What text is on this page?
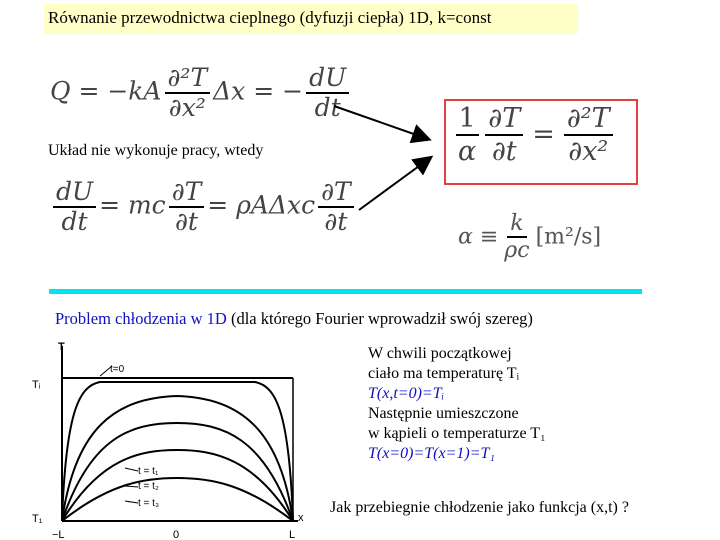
Równanie przewodnictwa cieplnego (dyfuzji ciepła) 1D, k=const
$Q = -kA \frac{\text{∂²T}}{\text{∂x²}}$ Δx = − $\frac{dU}{dt}$
Układ nie wykonuje pracy, wtedy
$\frac{dU}{dt}$ = mc $\frac{\partial T}{\partial t} = \rho A\Delta xc \frac{\partial T}{\partial t}$
$\frac{1}{\alpha} \frac{\partial T}{\partial t} = \frac{\text{∂²T}}{\text{∂x²}}$
$\alpha \equiv \frac{k}{\rho c} [m^2/s]$
Problem chłodzenia w 1D (dla którego Fourier wprowadził swój szereg)
T
x
Tᵢ
T₁
t=0
t = t₁
t = t₂
t = t₃
−L	0	L
W chwili początkowej
ciało ma temperaturę Tᵢ
T(x,t=0)=Tᵢ
Następnie umieszczone
w kąpieli o temperaturze T₁
T(x=0)=T(x=1)=T₁
Jak przebiegnie chłodzenie jako funkcja (x,t) ?
